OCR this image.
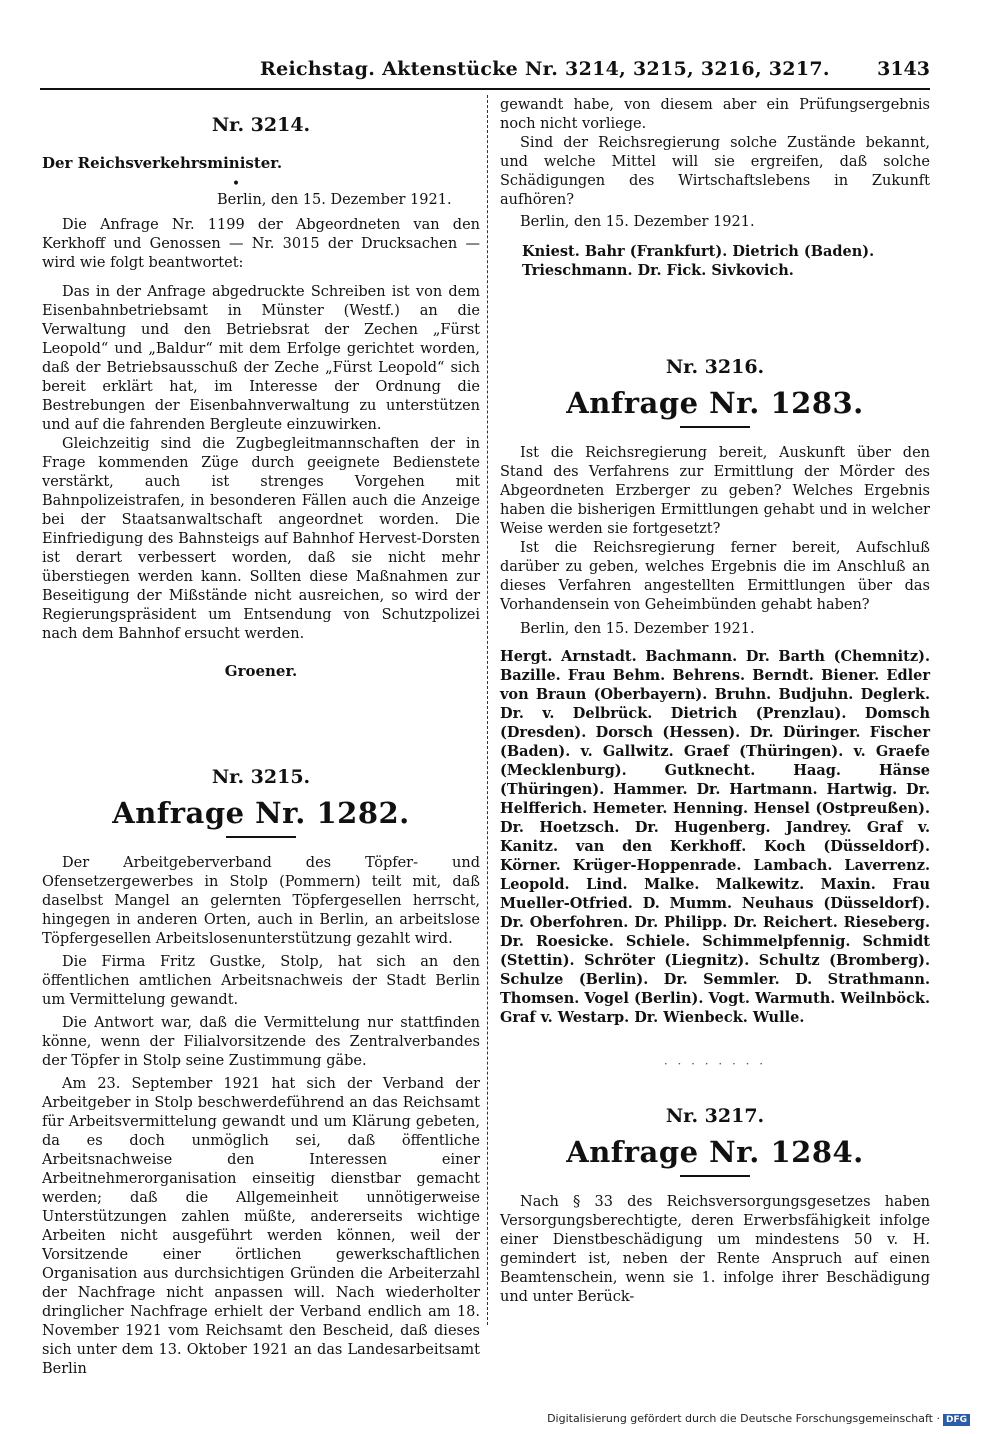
Reichstag. Aktenstücke Nr. 3214, 3215, 3216, 3217. 3143
Nr. 3214.
Der Reichsverkehrsminister.
•
Berlin, den 15. Dezember 1921.

Die Anfrage Nr. 1199 der Abgeordneten van den Kerkhoff und Genossen — Nr. 3015 der Drucksachen — wird wie folgt beantwortet:

Das in der Anfrage abgedruckte Schreiben ist von dem Eisenbahnbetriebsamt in Münster (Westf.) an die Verwaltung und den Betriebsrat der Zechen „Fürst Leopold“ und „Baldur“ mit dem Erfolge gerichtet worden, daß der Betriebsausschuß der Zeche „Fürst Leopold“ sich bereit erklärt hat, im Interesse der Ordnung die Bestrebungen der Eisenbahnverwaltung zu unterstützen und auf die fahrenden Bergleute einzuwirken.

Gleichzeitig sind die Zugbegleitmannschaften der in Frage kommenden Züge durch geeignete Bedienstete verstärkt, auch ist strenges Vorgehen mit Bahnpolizeistrafen, in besonderen Fällen auch die Anzeige bei der Staatsanwaltschaft angeordnet worden. Die Einfriedigung des Bahnsteigs auf Bahnhof Hervest-Dorsten ist derart verbessert worden, daß sie nicht mehr überstiegen werden kann. Sollten diese Maßnahmen zur Beseitigung der Mißstände nicht ausreichen, so wird der Regierungspräsident um Entsendung von Schutzpolizei nach dem Bahnhof ersucht werden.

Groener.
Nr. 3215.
Anfrage Nr. 1282.

Der Arbeitgeberverband des Töpfer- und Ofensetzergewerbes in Stolp (Pommern) teilt mit, daß daselbst Mangel an gelernten Töpfergesellen herrscht, hingegen in anderen Orten, auch in Berlin, an arbeitslose Töpfergesellen Arbeitslosenunterstützung gezahlt wird.

Die Firma Fritz Gustke, Stolp, hat sich an den öffentlichen amtlichen Arbeitsnachweis der Stadt Berlin um Vermittelung gewandt.

Die Antwort war, daß die Vermittelung nur stattfinden könne, wenn der Filialvorsitzende des Zentralverbandes der Töpfer in Stolp seine Zustimmung gäbe.

Am 23. September 1921 hat sich der Verband der Arbeitgeber in Stolp beschwerdeführend an das Reichsamt für Arbeitsvermittelung gewandt und um Klärung gebeten, da es doch unmöglich sei, daß öffentliche Arbeitsnachweise den Interessen einer Arbeitnehmerorganisation einseitig dienstbar gemacht werden; daß die Allgemeinheit unnötigerweise Unterstützungen zahlen müßte, andererseits wichtige Arbeiten nicht ausgeführt werden können, weil der Vorsitzende einer örtlichen gewerkschaftlichen Organisation aus durchsichtigen Gründen die Arbeiterzahl der Nachfrage nicht anpassen will. Nach wiederholter dringlicher Nachfrage erhielt der Verband endlich am 18. November 1921 vom Reichsamt den Bescheid, daß dieses sich unter dem 13. Oktober 1921 an das Landesarbeitsamt Berlin

gewandt habe, von diesem aber ein Prüfungsergebnis noch nicht vorliege.

Sind der Reichsregierung solche Zustände bekannt, und welche Mittel will sie ergreifen, daß solche Schädigungen des Wirtschaftslebens in Zukunft aufhören?

Berlin, den 15. Dezember 1921.

Kniest. Bahr (Frankfurt). Dietrich (Baden). Trieschmann. Dr. Fick. Sivkovich.

Nr. 3216.
Anfrage Nr. 1283.

Ist die Reichsregierung bereit, Auskunft über den Stand des Verfahrens zur Ermittlung der Mörder des Abgeordneten Erzberger zu geben? Welches Ergebnis haben die bisherigen Ermittlungen gehabt und in welcher Weise werden sie fortgesetzt?

Ist die Reichsregierung ferner bereit, Aufschluß darüber zu geben, welches Ergebnis die im Anschluß an dieses Verfahren angestellten Ermittlungen über das Vorhandensein von Geheimbünden gehabt haben?

Berlin, den 15. Dezember 1921.

Hergt. Arnstadt. Bachmann. Dr. Barth (Chemnitz). Bazille. Frau Behm. Behrens. Berndt. Biener. Edler von Braun (Oberbayern). Bruhn. Budjuhn. Deglerk. Dr. v. Delbrück. Dietrich (Prenzlau). Domsch (Dresden). Dorsch (Hessen). Dr. Düringer. Fischer (Baden). v. Gallwitz. Graef (Thüringen). v. Graefe (Mecklenburg). Gutknecht. Haag. Hänse (Thüringen). Hammer. Dr. Hartmann. Hartwig. Dr. Helfferich. Hemeter. Henning. Hensel (Ostpreußen). Dr. Hoetzsch. Dr. Hugenberg. Jandrey. Graf v. Kanitz. van den Kerkhoff. Koch (Düsseldorf). Körner. Krüger-Hoppenrade. Lambach. Laverrenz. Leopold. Lind. Malke. Malkewitz. Maxin. Frau Mueller-Otfried. D. Mumm. Neuhaus (Düsseldorf). Dr. Oberfohren. Dr. Philipp. Dr. Reichert. Rieseberg. Dr. Roesicke. Schiele. Schimmelpfennig. Schmidt (Stettin). Schröter (Liegnitz). Schultz (Bromberg). Schulze (Berlin). Dr. Semmler. D. Strathmann. Thomsen. Vogel (Berlin). Vogt. Warmuth. Weilnböck. Graf v. Westarp. Dr. Wienbeck. Wulle.

· · · · · · · ·
Nr. 3217.
Anfrage Nr. 1284.

Nach § 33 des Reichsversorgungsgesetzes haben Versorgungsberechtigte, deren Erwerbsfähigkeit infolge einer Dienstbeschädigung um mindestens 50 v. H. gemindert ist, neben der Rente Anspruch auf einen Beamtenschein, wenn sie 1. infolge ihrer Beschädigung und unter Berück-

Digitalisierung gefördert durch die Deutsche Forschungsgemeinschaft · DFG
